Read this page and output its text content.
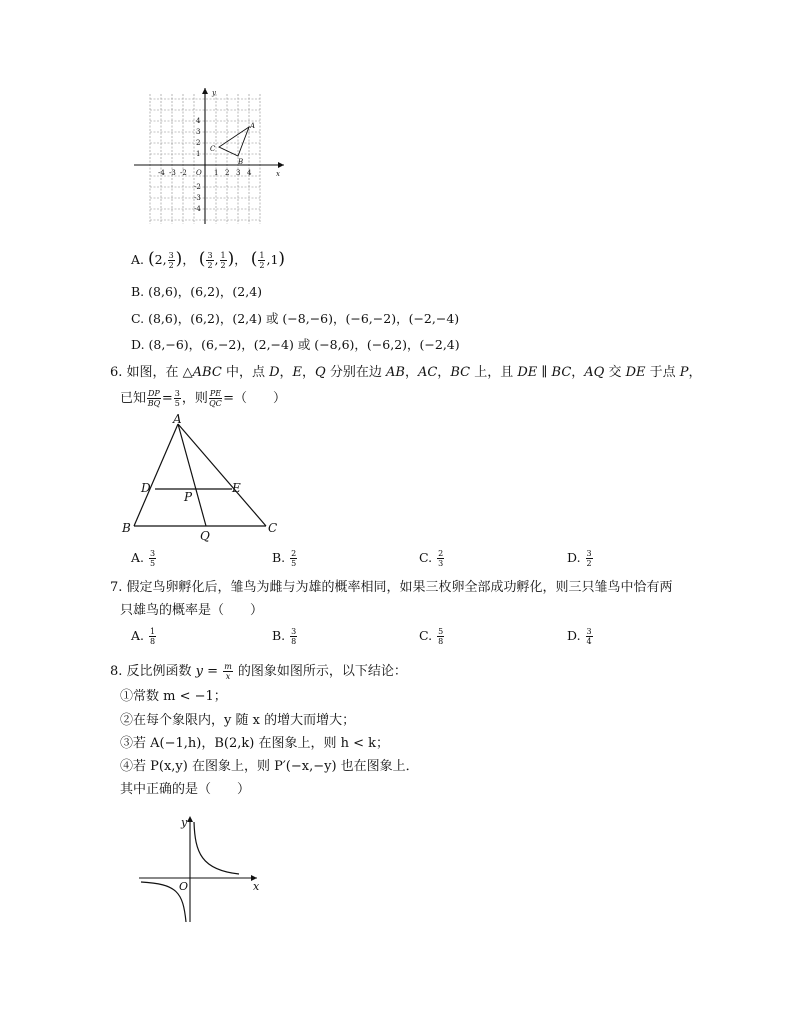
y
x
O
-4 -3 -2	1 2 3 4
4
3
2
1
-2
-3
-4
A
B
C
A. (2, $\frac{3}{2}$ )， ( $\frac{3}{2}$ , $\frac{1}{2}$ )， ( $\frac{1}{2} ,1$)
B. (8,6)，(6,2)，(2,4)
C. (8,6)，(6,2)，(2,4) 或 (−8,−6)，(−6,−2)，(−2,−4)
D. (8,−6)，(6,−2)，(2,−4) 或 (−8,6)，(−6,2)，(−2,4)
6. 如图，在 △ABC 中，点 D，E，Q 分别在边 AB，AC，BC 上，且 DE ∥ BC，AQ 交 DE 于点 P，
已知 $\frac{DP}{BQ} = \frac{3}{5}$ ，则 $\frac{PE}{QC}$ =（　　）
A
D	E
P
B	C
Q
A. $\frac{3}{5}$	B. $\frac{2}{5}$	C. $\frac{2}{3}$	D. $\frac{3}{2}$
7. 假定鸟卵孵化后，雏鸟为雌与为雄的概率相同，如果三枚卵全部成功孵化，则三只雏鸟中恰有两
只雄鸟的概率是（　　）
A. $\frac{1}{8}$	B. $\frac{3}{8}$	C. $\frac{5}{8}$	D. $\frac{3}{4}$
8. 反比例函数 $y = \frac{m}{x}$ 的图象如图所示，以下结论：
①常数 m < −1；
②在每个象限内，y 随 x 的增大而增大；
③若 A(−1,h)，B(2,k) 在图象上，则 h < k；
④若 P(x,y) 在图象上，则 P′(−x,−y) 也在图象上．
其中正确的是（　　）
y
x
O
